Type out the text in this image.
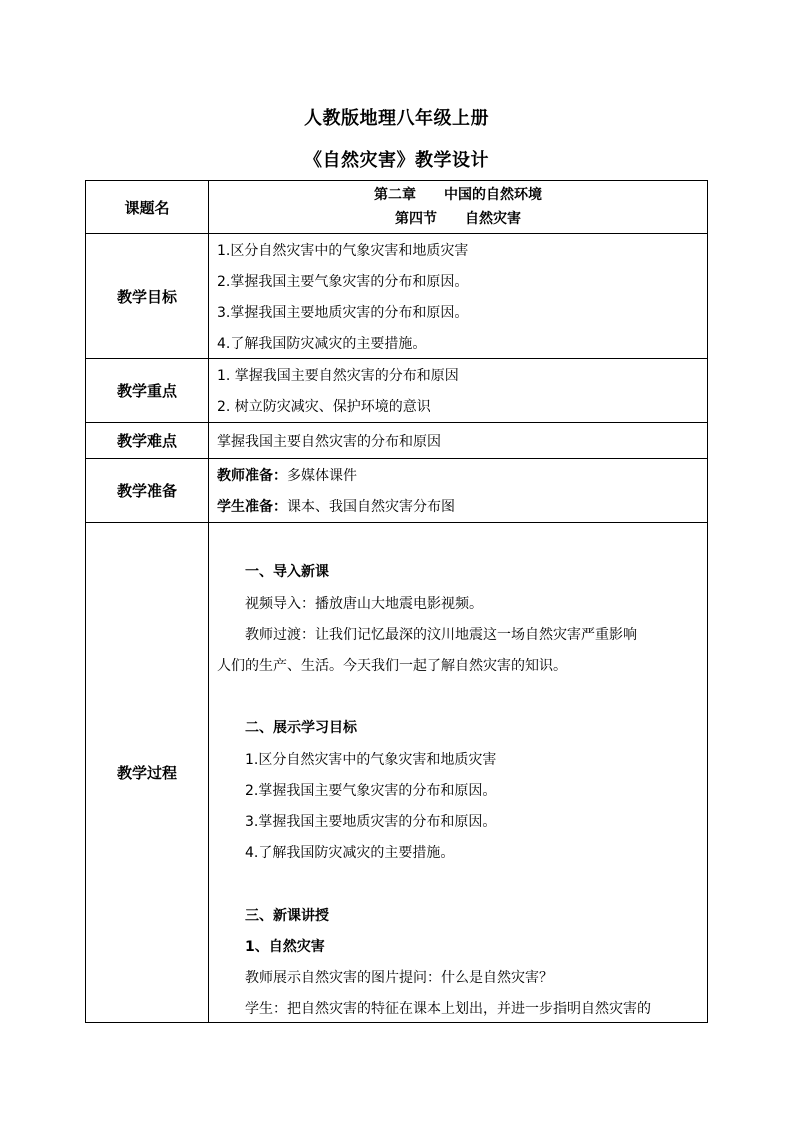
人教版地理八年级上册
《自然灾害》教学设计
课题名
第二章　　中国的自然环境
第四节　　自然灾害
教学目标
1.区分自然灾害中的气象灾害和地质灾害
2.掌握我国主要气象灾害的分布和原因。
3.掌握我国主要地质灾害的分布和原因。
4.了解我国防灾减灾的主要措施。
教学重点
1. 掌握我国主要自然灾害的分布和原因
2. 树立防灾减灾、保护环境的意识
教学难点	掌握我国主要自然灾害的分布和原因
教学准备
教师准备：多媒体课件
学生准备：课本、我国自然灾害分布图
教学过程
一、导入新课
视频导入：播放唐山大地震电影视频。
教师过渡：让我们记忆最深的汶川地震这一场自然灾害严重影响
人们的生产、生活。今天我们一起了解自然灾害的知识。
二、展示学习目标
1.区分自然灾害中的气象灾害和地质灾害
2.掌握我国主要气象灾害的分布和原因。
3.掌握我国主要地质灾害的分布和原因。
4.了解我国防灾减灾的主要措施。
三、新课讲授
1、自然灾害
教师展示自然灾害的图片提问：什么是自然灾害？
学生：把自然灾害的特征在课本上划出，并进一步指明自然灾害的
